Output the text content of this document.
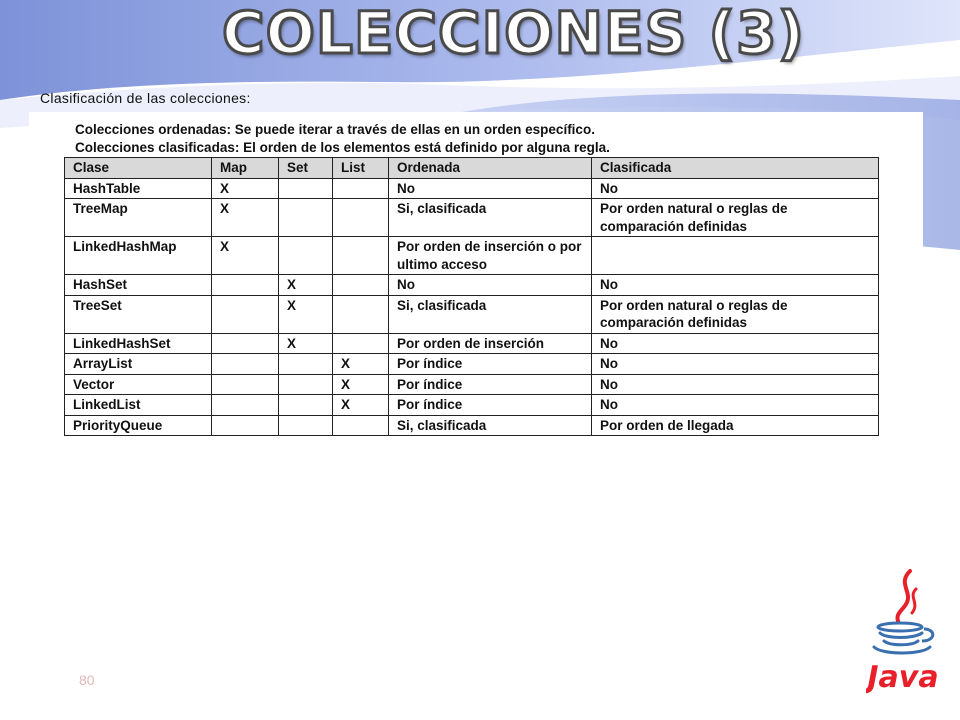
COLECCIONES (3)
Clasificación de las colecciones:
Colecciones ordenadas: Se puede iterar a través de ellas en un orden específico.
Colecciones clasificadas: El orden de los elementos está definido por alguna regla.
Clase	Map	Set	List	Ordenada	Clasificada
HashTable	X			No	No
TreeMap	X			Si, clasificada	Por orden natural o reglas de comparación definidas
LinkedHashMap	X			Por orden de inserción o por ultimo acceso	
HashSet		X		No	No
TreeSet		X		Si, clasificada	Por orden natural o reglas de comparación definidas
LinkedHashSet		X		Por orden de inserción	No
ArrayList			X	Por índice	No
Vector			X	Por índice	No
LinkedList			X	Por índice	No
PriorityQueue				Si, clasificada	Por orden de llegada
80	Java
